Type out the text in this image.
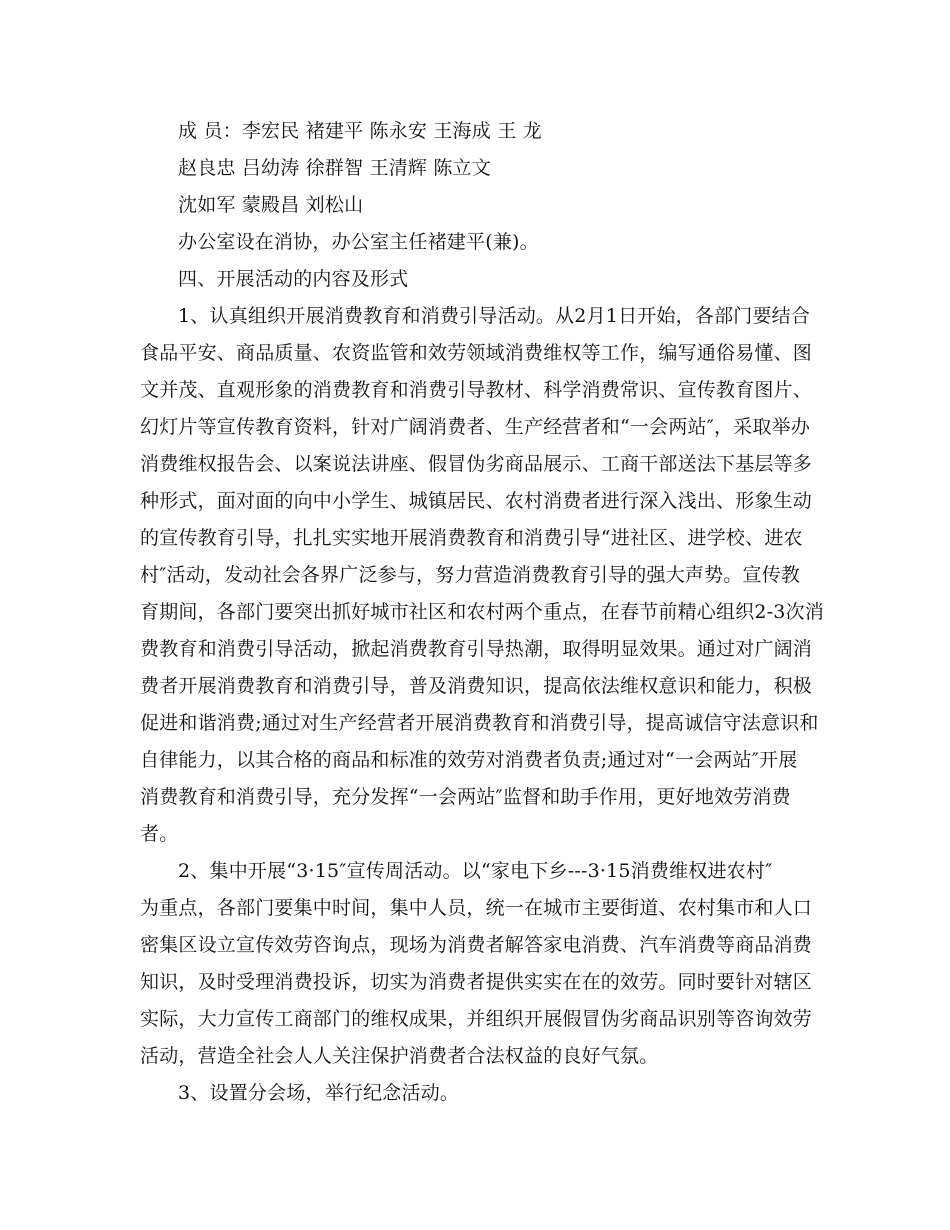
成 员：李宏民 褚建平 陈永安 王海成 王 龙
赵良忠 吕幼涛 徐群智 王清辉 陈立文
沈如军 蒙殿昌 刘松山
办公室设在消协，办公室主任褚建平(兼)。
四、开展活动的内容及形式
1、认真组织开展消费教育和消费引导活动。从2月1日开始，各部门要结合
食品平安、商品质量、农资监管和效劳领域消费维权等工作，编写通俗易懂、图
文并茂、直观形象的消费教育和消费引导教材、科学消费常识、宣传教育图片、
幻灯片等宣传教育资料，针对广阔消费者、生产经营者和“一会两站″，采取举办
消费维权报告会、以案说法讲座、假冒伪劣商品展示、工商干部送法下基层等多
种形式，面对面的向中小学生、城镇居民、农村消费者进行深入浅出、形象生动
的宣传教育引导，扎扎实实地开展消费教育和消费引导“进社区、进学校、进农
村″活动，发动社会各界广泛参与，努力营造消费教育引导的强大声势。宣传教
育期间，各部门要突出抓好城市社区和农村两个重点，在春节前精心组织2-3次消
费教育和消费引导活动，掀起消费教育引导热潮，取得明显效果。通过对广阔消
费者开展消费教育和消费引导，普及消费知识，提高依法维权意识和能力，积极
促进和谐消费;通过对生产经营者开展消费教育和消费引导，提高诚信守法意识和
自律能力，以其合格的商品和标准的效劳对消费者负责;通过对“一会两站″开展
消费教育和消费引导，充分发挥“一会两站″监督和助手作用，更好地效劳消费
者。
2、集中开展“3·15″宣传周活动。以“家电下乡---3·15消费维权进农村″
为重点，各部门要集中时间，集中人员，统一在城市主要街道、农村集市和人口
密集区设立宣传效劳咨询点，现场为消费者解答家电消费、汽车消费等商品消费
知识，及时受理消费投诉，切实为消费者提供实实在在的效劳。同时要针对辖区
实际，大力宣传工商部门的维权成果，并组织开展假冒伪劣商品识别等咨询效劳
活动，营造全社会人人关注保护消费者合法权益的良好气氛。
3、设置分会场，举行纪念活动。
